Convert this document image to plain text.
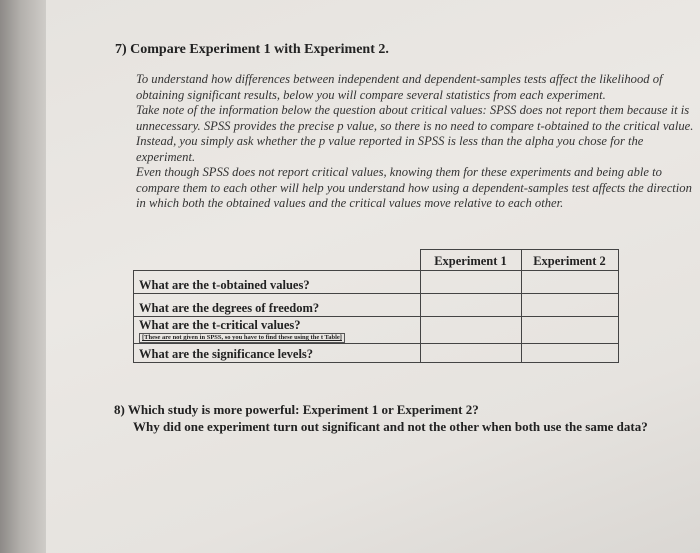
7) Compare Experiment 1 with Experiment 2.

To understand how differences between independent and dependent-samples tests affect the likelihood of obtaining significant results, below you will compare several statistics from each experiment.

Take note of the information below the question about critical values: SPSS does not report them because it is unnecessary. SPSS provides the precise p value, so there is no need to compare t-obtained to the critical value. Instead, you simply ask whether the p value reported in SPSS is less than the alpha you chose for the experiment.

Even though SPSS does not report critical values, knowing them for these experiments and being able to compare them to each other will help you understand how using a dependent-samples test affects the direction in which both the obtained values and the critical values move relative to each other.

	Experiment 1	Experiment 2
What are the t-obtained values?		
What are the degrees of freedom?		

What are the t-critical values?
[These are not given in SPSS, so you have to find these using the t Table]		

What are the significance levels?		
8) Which study is more powerful: Experiment 1 or Experiment 2?
Why did one experiment turn out significant and not the other when both use the same data?
